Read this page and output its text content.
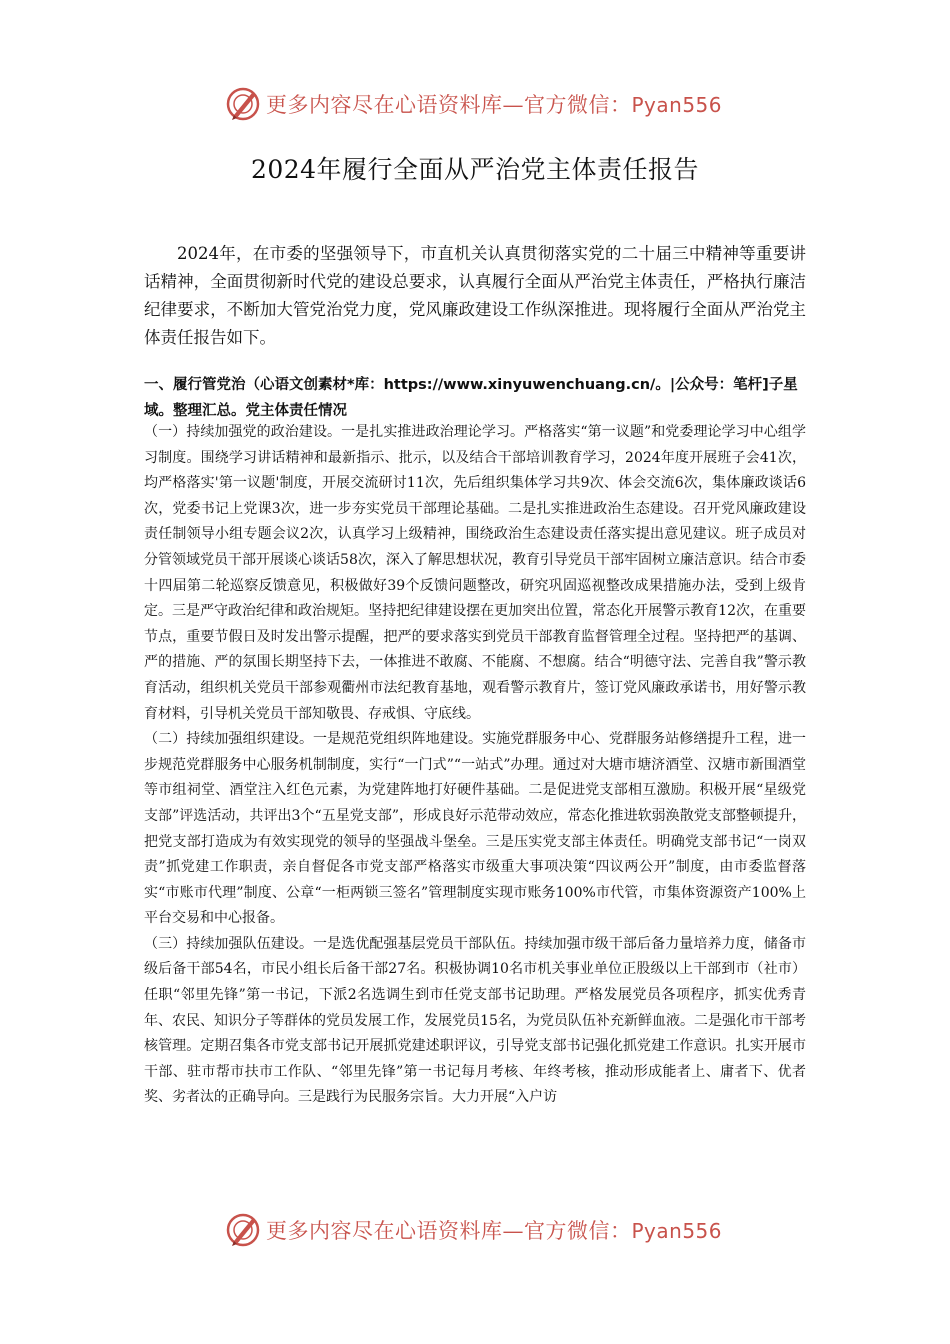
更多内容尽在心语资料库—官方微信：Pyan556
2024年履行全面从严治党主体责任报告

2024年，在市委的坚强领导下，市直机关认真贯彻落实党的二十届三中精神等重要讲话精神，全面贯彻新时代党的建设总要求，认真履行全面从严治党主体责任，严格执行廉洁纪律要求，不断加大管党治党力度，党风廉政建设工作纵深推进。现将履行全面从严治党主体责任报告如下。

一、履行管党治（心语文创素材*库：https://www.xinyuwenchuang.cn/。|公众号：笔杆]子星域。整理汇总。党主体责任情况

（一）持续加强党的政治建设。一是扎实推进政治理论学习。严格落实“第一议题”和党委理论学习中心组学习制度。围绕学习讲话精神和最新指示、批示，以及结合干部培训教育学习，2024年度开展班子会41次，均严格落实'第一议题'制度，开展交流研讨11次，先后组织集体学习共9次、体会交流6次，集体廉政谈话6次，党委书记上党课3次，进一步夯实党员干部理论基础。二是扎实推进政治生态建设。召开党风廉政建设责任制领导小组专题会议2次，认真学习上级精神，围绕政治生态建设责任落实提出意见建议。班子成员对分管领域党员干部开展谈心谈话58次，深入了解思想状况，教育引导党员干部牢固树立廉洁意识。结合市委十四届第二轮巡察反馈意见，积极做好39个反馈问题整改，研究巩固巡视整改成果措施办法，受到上级肯定。三是严守政治纪律和政治规矩。坚持把纪律建设摆在更加突出位置，常态化开展警示教育12次，在重要节点，重要节假日及时发出警示提醒，把严的要求落实到党员干部教育监督管理全过程。坚持把严的基调、严的措施、严的氛围长期坚持下去，一体推进不敢腐、不能腐、不想腐。结合“明德守法、完善自我”警示教育活动，组织机关党员干部参观衢州市法纪教育基地，观看警示教育片，签订党风廉政承诺书，用好警示教育材料，引导机关党员干部知敬畏、存戒惧、守底线。

（二）持续加强组织建设。一是规范党组织阵地建设。实施党群服务中心、党群服务站修缮提升工程，进一步规范党群服务中心服务机制制度，实行“一门式”“一站式”办理。通过对大塘市塘济酒堂、汉塘市新围酒堂等市组祠堂、酒堂注入红色元素，为党建阵地打好硬件基础。二是促进党支部相互激励。积极开展“星级党支部”评选活动，共评出3个“五星党支部”，形成良好示范带动效应，常态化推进软弱涣散党支部整顿提升，把党支部打造成为有效实现党的领导的坚强战斗堡垒。三是压实党支部主体责任。明确党支部书记“一岗双责”抓党建工作职责，亲自督促各市党支部严格落实市级重大事项决策“四议两公开”制度，由市委监督落实“市账市代理”制度、公章“一柜两锁三签名”管理制度实现市账务100%市代管，市集体资源资产100%上平台交易和中心报备。

（三）持续加强队伍建设。一是选优配强基层党员干部队伍。持续加强市级干部后备力量培养力度，储备市级后备干部54名，市民小组长后备干部27名。积极协调10名市机关事业单位正股级以上干部到市（社市）任职“邻里先锋”第一书记，下派2名选调生到市任党支部书记助理。严格发展党员各项程序，抓实优秀青年、农民、知识分子等群体的党员发展工作，发展党员15名，为党员队伍补充新鲜血液。二是强化市干部考核管理。定期召集各市党支部书记开展抓党建述职评议，引导党支部书记强化抓党建工作意识。扎实开展市干部、驻市帮市扶市工作队、“邻里先锋”第一书记每月考核、年终考核，推动形成能者上、庸者下、优者奖、劣者汰的正确导向。三是践行为民服务宗旨。大力开展“入户访

更多内容尽在心语资料库—官方微信：Pyan556
